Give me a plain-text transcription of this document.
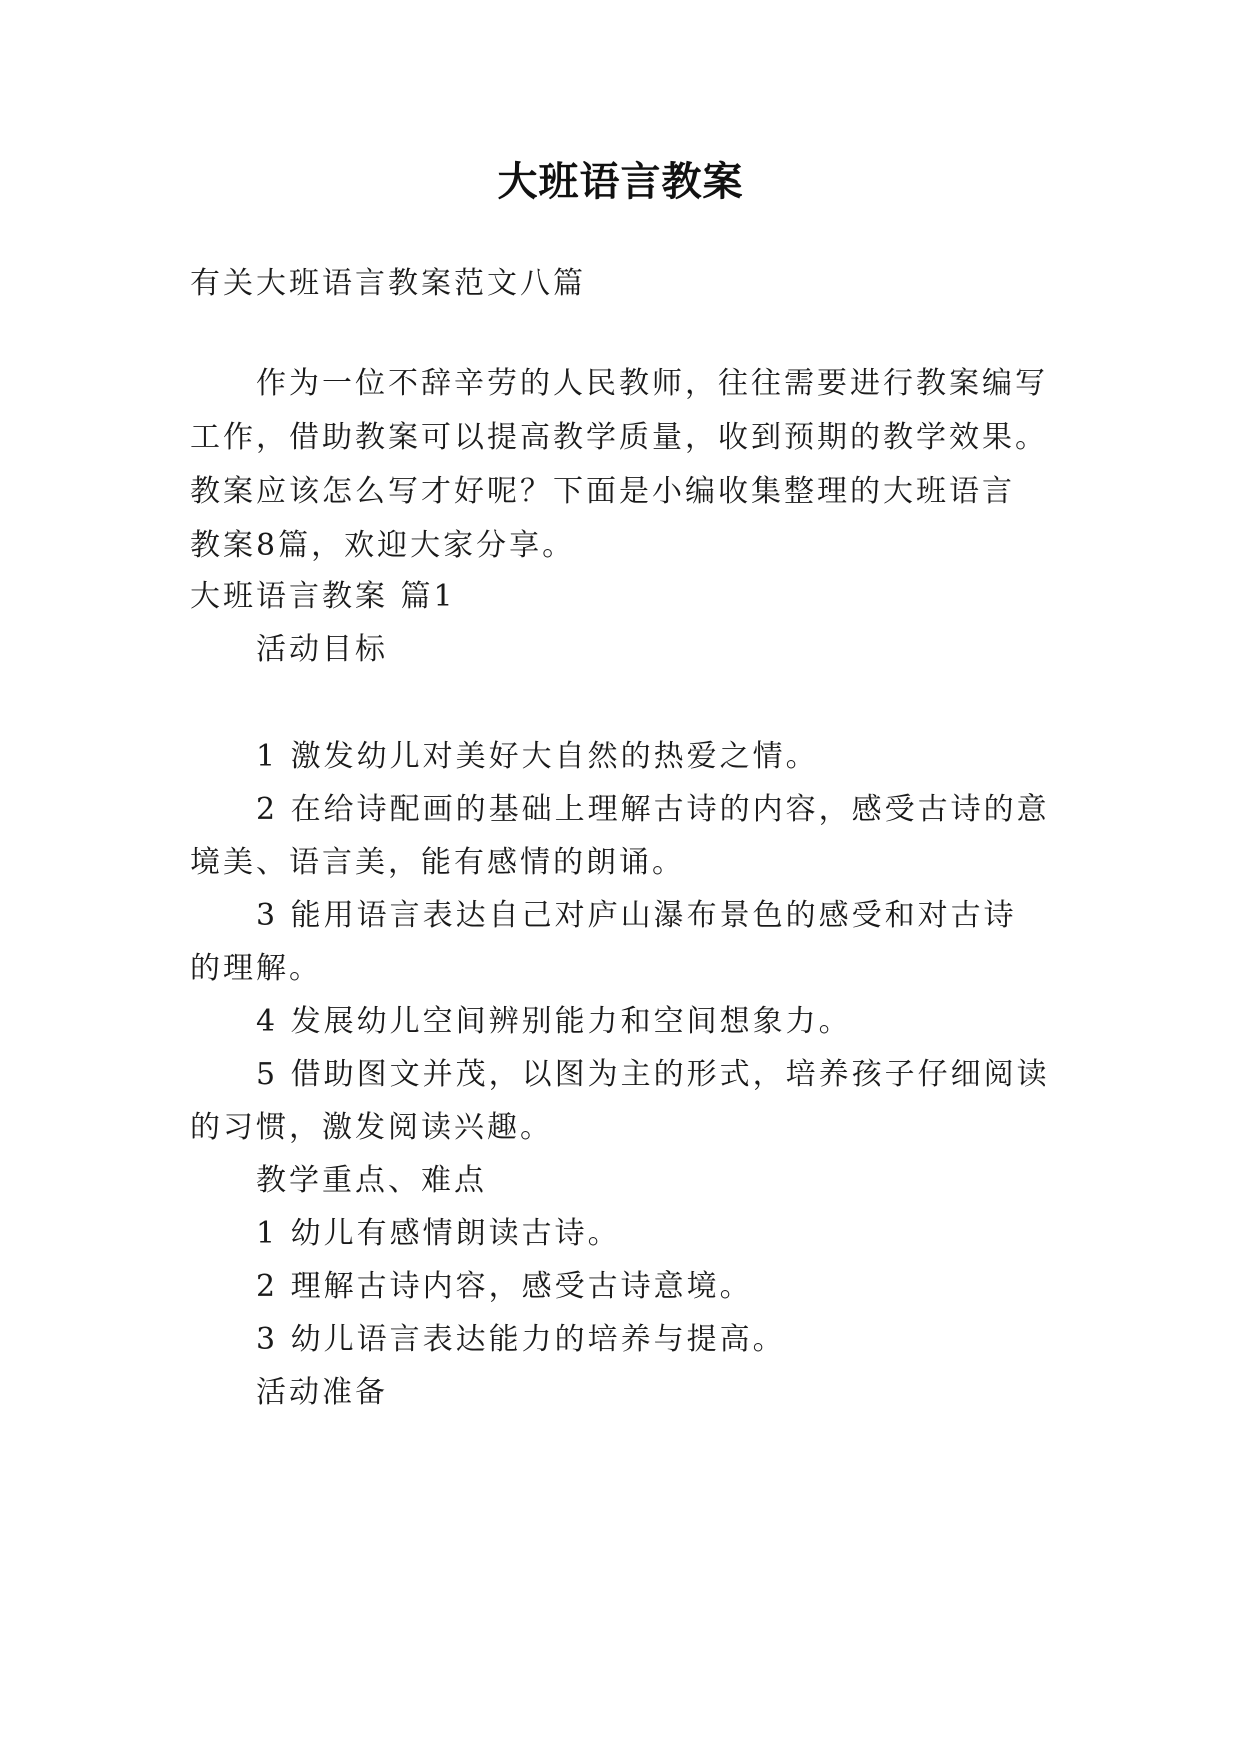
大班语言教案
有关大班语言教案范文八篇
作为一位不辞辛劳的人民教师，往往需要进行教案编写
工作，借助教案可以提高教学质量，收到预期的教学效果。
教案应该怎么写才好呢？下面是小编收集整理的大班语言
教案8篇，欢迎大家分享。
大班语言教案 篇1
活动目标
1 激发幼儿对美好大自然的热爱之情。
2 在给诗配画的基础上理解古诗的内容，感受古诗的意
境美、语言美，能有感情的朗诵。
3 能用语言表达自己对庐山瀑布景色的感受和对古诗
的理解。
4 发展幼儿空间辨别能力和空间想象力。
5 借助图文并茂，以图为主的形式，培养孩子仔细阅读
的习惯，激发阅读兴趣。
教学重点、难点
1 幼儿有感情朗读古诗。
2 理解古诗内容，感受古诗意境。
3 幼儿语言表达能力的培养与提高。
活动准备
